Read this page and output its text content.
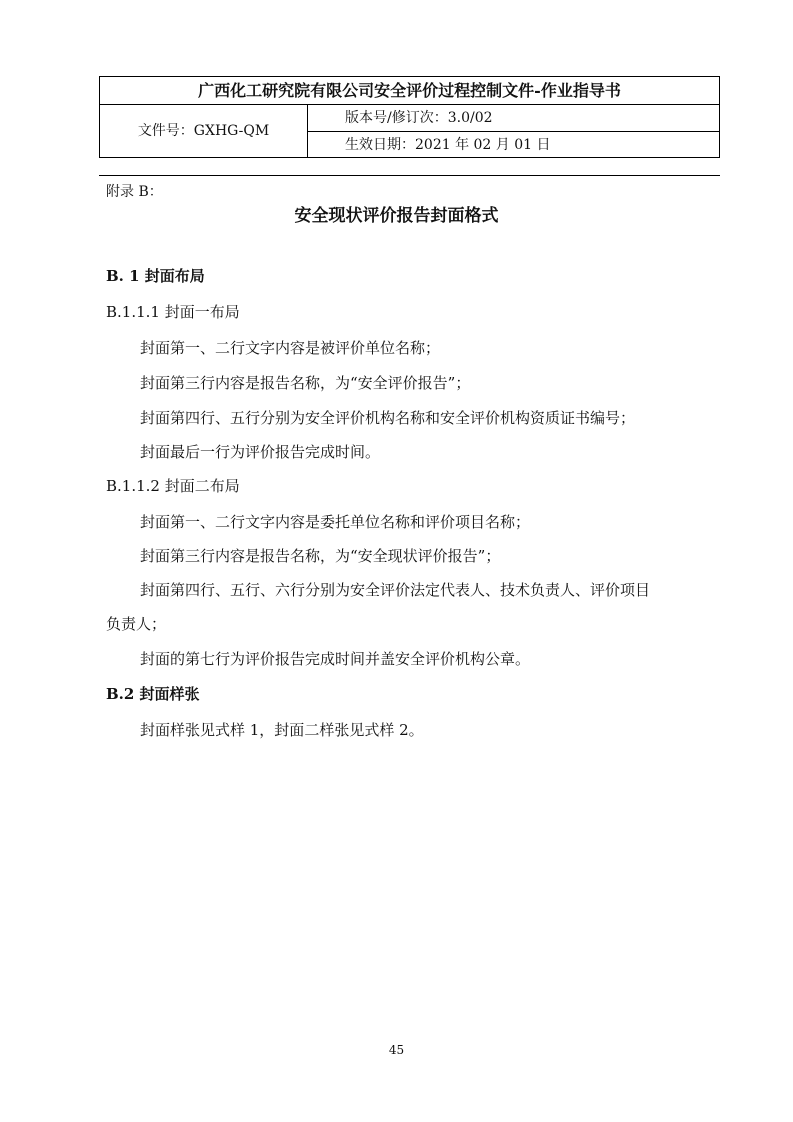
广西化工研究院有限公司安全评价过程控制文件-作业指导书
文件号：GXHG-QM
版本号/修订次：3.0/02
生效日期：2021 年 02 月 01 日
附录 B：
安全现状评价报告封面格式
B. 1 封面布局
B.1.1.1 封面一布局
封面第一、二行文字内容是被评价单位名称；
封面第三行内容是报告名称，为“安全评价报告”；
封面第四行、五行分别为安全评价机构名称和安全评价机构资质证书编号；
封面最后一行为评价报告完成时间。
B.1.1.2 封面二布局
封面第一、二行文字内容是委托单位名称和评价项目名称；
封面第三行内容是报告名称，为“安全现状评价报告”；
封面第四行、五行、六行分别为安全评价法定代表人、技术负责人、评价项目
负责人；
封面的第七行为评价报告完成时间并盖安全评价机构公章。
B.2 封面样张
封面样张见式样 1，封面二样张见式样 2。
45
